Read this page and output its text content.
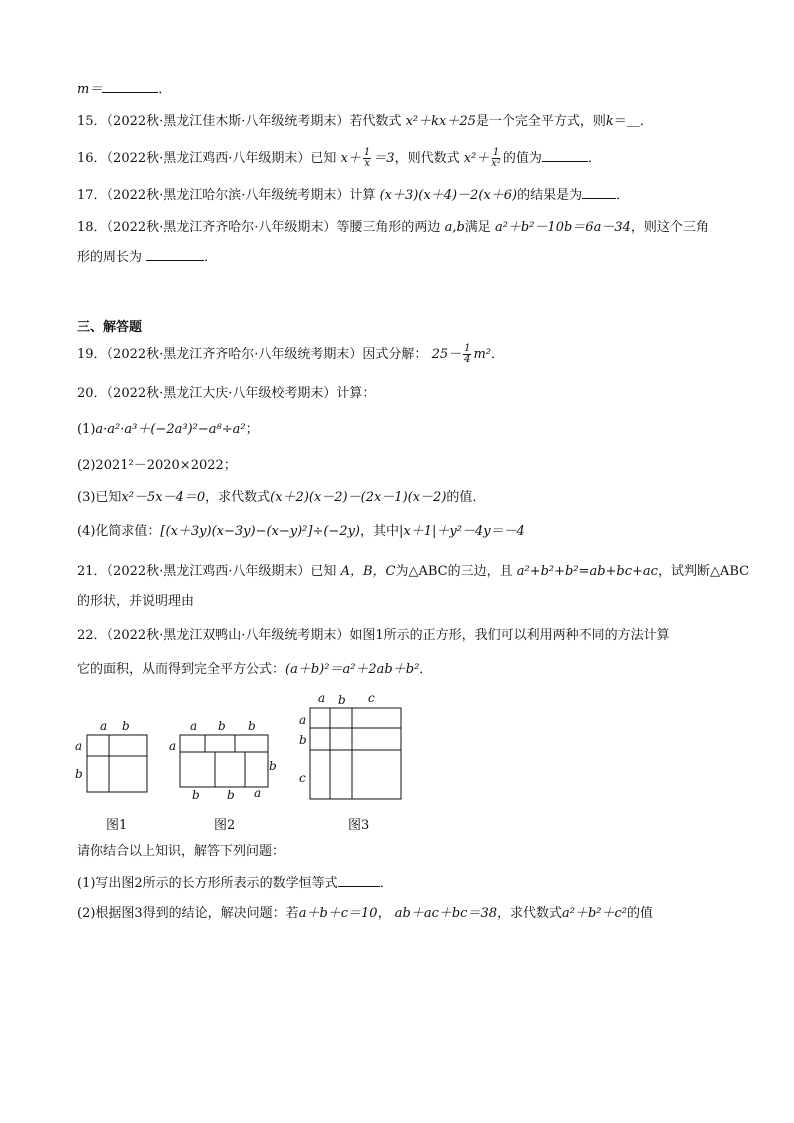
m＝	．
15．（2022秋·黑龙江佳木斯·八年级统考期末）若代数式 x²＋kx＋25是一个完全平方式，则k＝＿．
16．（2022秋·黑龙江鸡西·八年级期末）已知 $x+ \frac{1}{x} =3$，则代数式 $x^2+ \frac{1}{\text{x²}}$ 的值为	．
17．（2022秋·黑龙江哈尔滨·八年级统考期末）计算 (x＋3)(x＋4)－2(x＋6)的结果是为	．
18．（2022秋·黑龙江齐齐哈尔·八年级期末）等腰三角形的两边 a,b满足 a²＋b²－10b＝6a－34，则这个三角
形的周长为	．
三、解答题
19．（2022秋·黑龙江齐齐哈尔·八年级统考期末）因式分解： $25- \frac{1}{4} m^2$．
20．（2022秋·黑龙江大庆·八年级校考期末）计算：
(1)a·a²·a³＋(−2a³)²−a⁸÷a²；
(2)2021²－2020×2022；
(3)已知x²－5x－4＝0，求代数式(x＋2)(x－2)－(2x－1)(x－2)的值．
(4)化简求值：[(x＋3y)(x−3y)−(x−y)²]÷(−2y)，其中|x＋1|＋y²－4y＝－4
21．（2022秋·黑龙江鸡西·八年级期末）已知 A，B，C为△ABC的三边，且 a²+b²+b²=ab+bc+ac，试判断△ABC
的形状，并说明理由
22．（2022秋·黑龙江双鸭山·八年级统考期末）如图1所示的正方形，我们可以利用两种不同的方法计算
它的面积，从而得到完全平方公式：(a＋b)²＝a²＋2ab＋b²．
a b
a
b
a b b
a
b
b b a
a b c
a
b
c
图1	图2	图3
请你结合以上知识，解答下列问题：
(1)写出图2所示的长方形所表示的数学恒等式	．
(2)根据图3得到的结论，解决问题：若a＋b＋c＝10， ab＋ac＋bc＝38，求代数式a²＋b²＋c²的值
